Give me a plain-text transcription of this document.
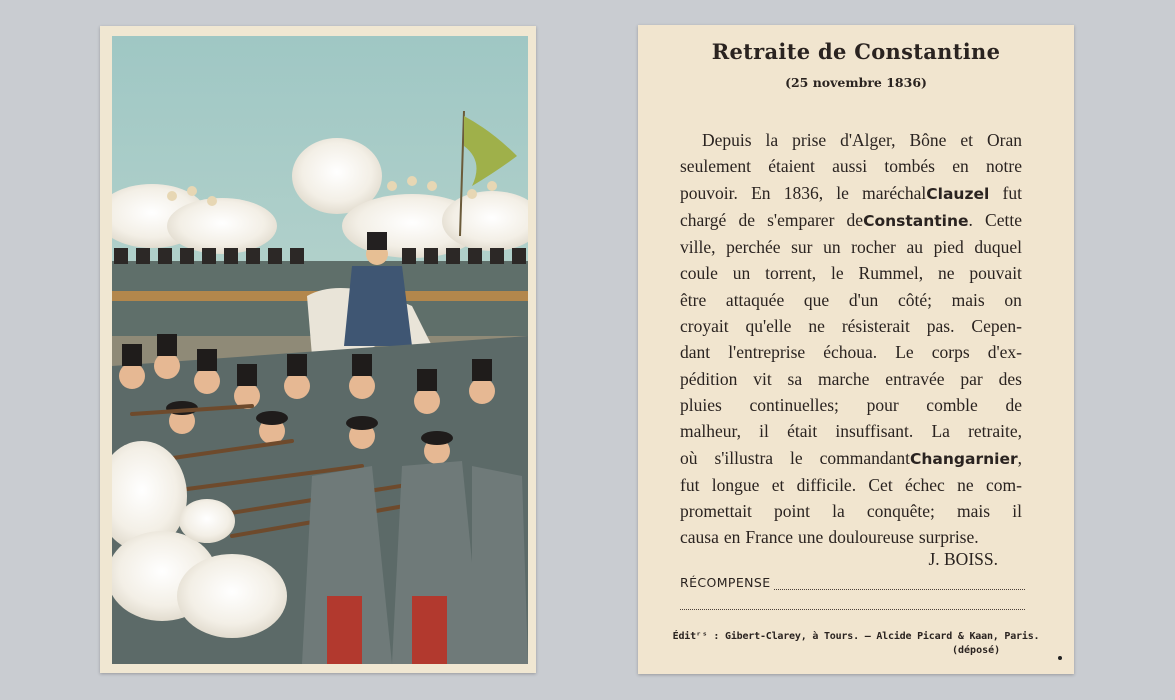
Retraite de Constantine
(25 novembre 1836)
Depuis la prise d'Alger, Bône et Oran
seulement étaient aussi tombés en notre
pouvoir. En 1836, le maréchalClauzel fut
chargé de s'emparer deConstantine. Cette
ville, perchée sur un rocher au pied duquel
coule un torrent, le Rummel, ne pouvait
être attaquée que d'un côté; mais on
croyait qu'elle ne résisterait pas. Cepen-
dant l'entreprise échoua. Le corps d'ex-
pédition vit sa marche entravée par des
pluies continuelles; pour comble de
malheur, il était insuffisant. La retraite,
où s'illustra le commandantChangarnier,
fut longue et difficile. Cet échec ne com-
promettait point la conquête; mais il
causa en France une douloureuse surprise.
J. BOISS.
RÉCOMPENSE
Éditʳˢ : Gibert-Clarey, à Tours. — Alcide Picard & Kaan, Paris.
(déposé)
